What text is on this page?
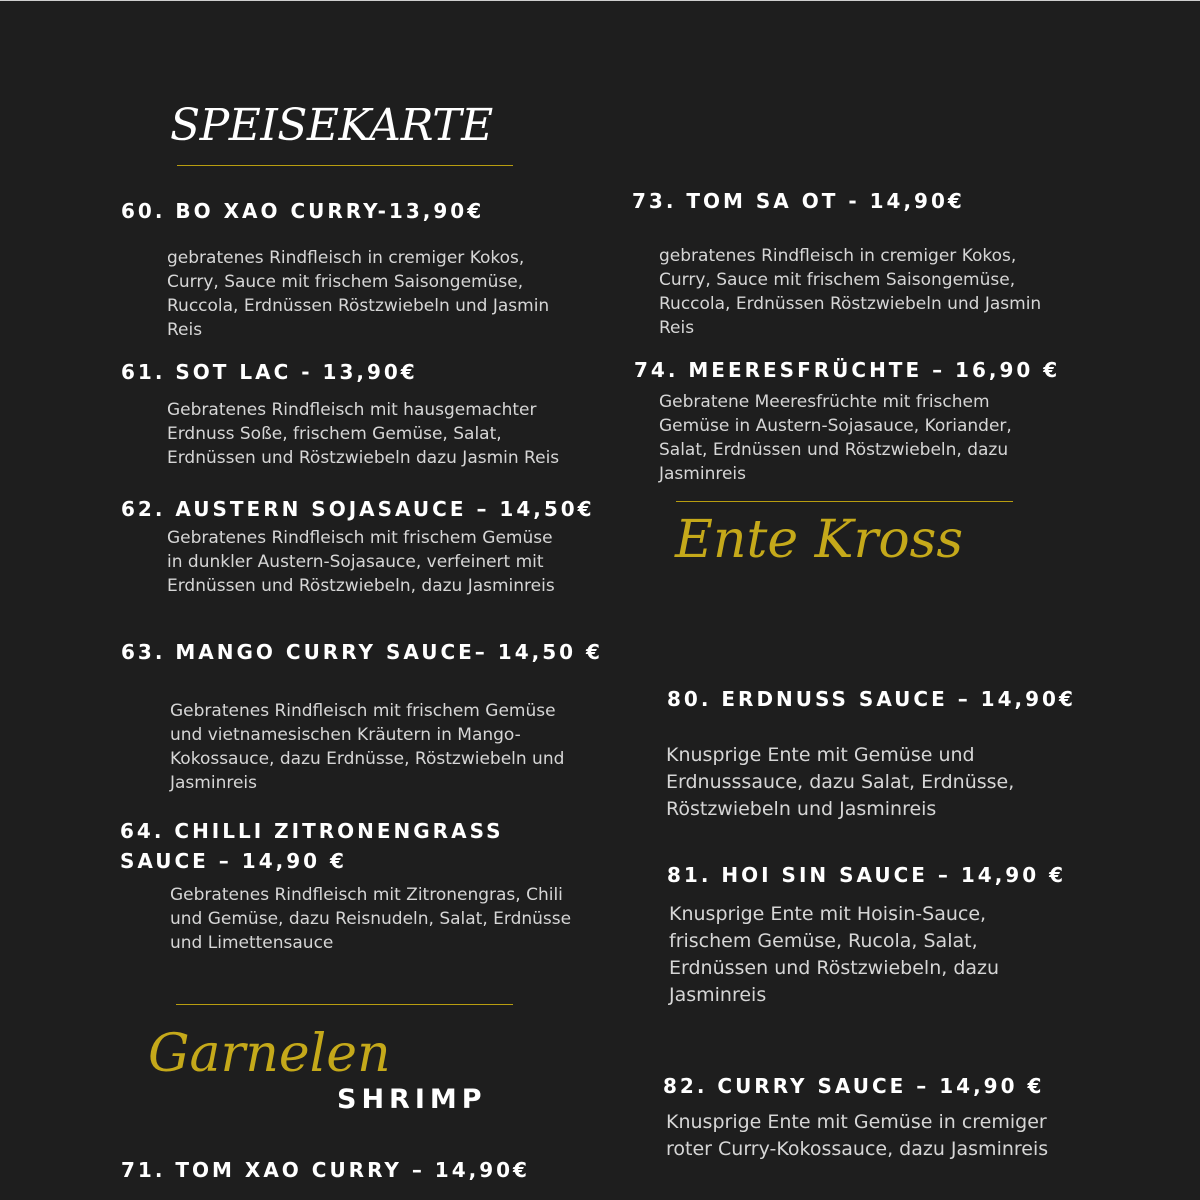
SPEISEKARTE
60. BO XAO CURRY-13,90€
gebratenes Rindfleisch in cremiger Kokos, Curry, Sauce mit frischem Saisongemüse, Ruccola, Erdnüssen Röstzwiebeln und Jasmin Reis
61. SOT LAC - 13,90€
Gebratenes Rindfleisch mit hausgemachter Erdnuss Soße, frischem Gemüse, Salat, Erdnüssen und Röstzwiebeln dazu Jasmin Reis
62. AUSTERN SOJASAUCE – 14,50€
Gebratenes Rindfleisch mit frischem Gemüse in dunkler Austern-Sojasauce, verfeinert mit Erdnüssen und Röstzwiebeln, dazu Jasminreis
63. MANGO CURRY SAUCE– 14,50 €
Gebratenes Rindfleisch mit frischem Gemüse und vietnamesischen Kräutern in Mango-Kokossauce, dazu Erdnüsse, Röstzwiebeln und Jasminreis
64. CHILLI ZITRONENGRASS
SAUCE – 14,90 €
Gebratenes Rindfleisch mit Zitronengras, Chili und Gemüse, dazu Reisnudeln, Salat, Erdnüsse und Limettensauce
Garnelen
SHRIMP
71. TOM XAO CURRY – 14,90€
73. TOM SA OT - 14,90€
gebratenes Rindfleisch in cremiger Kokos, Curry, Sauce mit frischem Saisongemüse, Ruccola, Erdnüssen Röstzwiebeln und Jasmin Reis
74. MEERESFRÜCHTE – 16,90 €
Gebratene Meeresfrüchte mit frischem Gemüse in Austern-Sojasauce, Koriander, Salat, Erdnüssen und Röstzwiebeln, dazu Jasminreis
Ente Kross
80. ERDNUSS SAUCE – 14,90€
Knusprige Ente mit Gemüse und Erdnusssauce, dazu Salat, Erdnüsse, Röstzwiebeln und Jasminreis
81. HOI SIN SAUCE – 14,90 €
Knusprige Ente mit Hoisin-Sauce, frischem Gemüse, Rucola, Salat, Erdnüssen und Röstzwiebeln, dazu Jasminreis
82. CURRY SAUCE – 14,90 €
Knusprige Ente mit Gemüse in cremiger roter Curry-Kokossauce, dazu Jasminreis
